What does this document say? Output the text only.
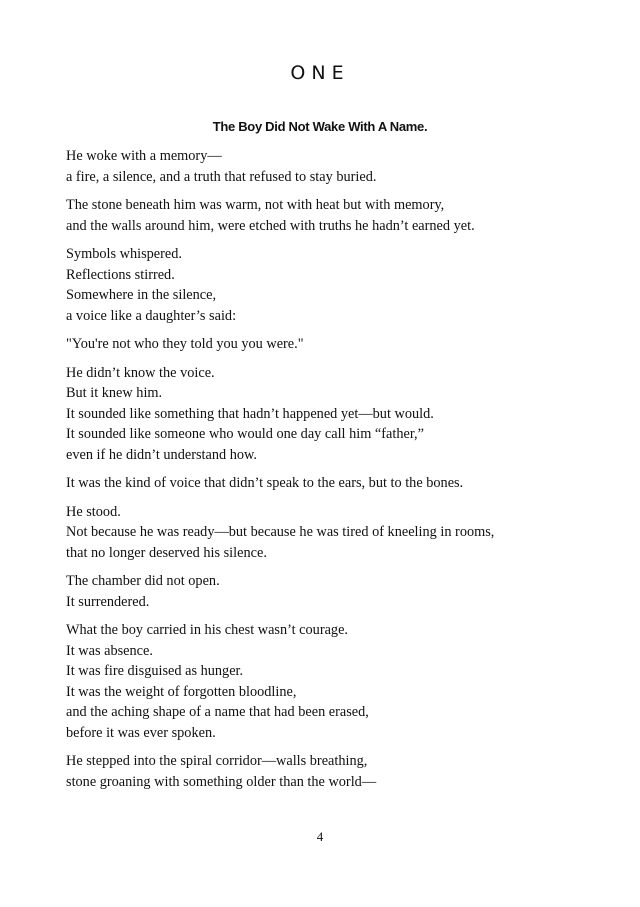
ONE
The Boy Did Not Wake With A Name.

He woke with a memory—
a fire, a silence, and a truth that refused to stay buried.

The stone beneath him was warm, not with heat but with memory,
and the walls around him, were etched with truths he hadn’t earned yet.

Symbols whispered.
Reflections stirred.
Somewhere in the silence,
a voice like a daughter’s said:

"You're not who they told you you were."

He didn’t know the voice.
But it knew him.
It sounded like something that hadn’t happened yet—but would.
It sounded like someone who would one day call him “father,”
even if he didn’t understand how.

It was the kind of voice that didn’t speak to the ears, but to the bones.

He stood.
Not because he was ready—but because he was tired of kneeling in rooms,
that no longer deserved his silence.

The chamber did not open.
It surrendered.

What the boy carried in his chest wasn’t courage.
It was absence.
It was fire disguised as hunger.
It was the weight of forgotten bloodline,
and the aching shape of a name that had been erased,
before it was ever spoken.

He stepped into the spiral corridor—walls breathing,
stone groaning with something older than the world—

4
